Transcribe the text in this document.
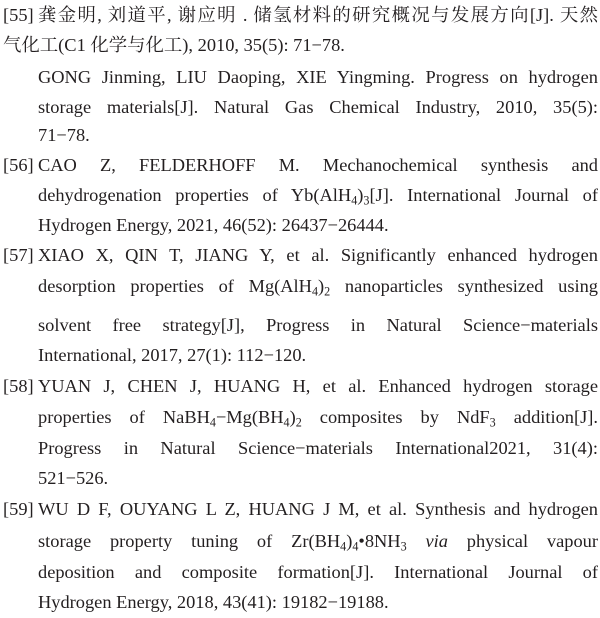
[55] 龚金明, 刘道平, 谢应明 . 储氢材料的研究概况与发展方向[J]. 天然
气化工(C1 化学与化工), 2010, 35(5): 71−78.
GONG Jinming, LIU Daoping, XIE Yingming. Progress on hydrogen
storage materials[J]. Natural Gas Chemical Industry, 2010, 35(5):
71−78.
[56] CAO Z, FELDERHOFF M. Mechanochemical synthesis and
dehydrogenation properties of $Yb(AlH_4)_3[J]$. International Journal of
Hydrogen Energy, 2021, 46(52): 26437−26444.
[57] XIAO X, QIN T, JIANG Y, et al. Significantly enhanced hydrogen
desorption properties of $Mg(AlH_4)_2$ nanoparticles synthesized using
solvent free strategy[J], Progress in Natural Science−materials
International, 2017, 27(1): 112−120.
[58] YUAN J, CHEN J, HUANG H, et al. Enhanced hydrogen storage
properties of $NaBH_4-Mg(BH_4)_2$ composites by NdF$_3$ addition[J].
Progress in Natural Science−materials International2021, 31(4):
521−526.
[59] WU D F, OUYANG L Z, HUANG J M, et al. Synthesis and hydrogen
storage property tuning of $Zr(BH_4)_4•8NH_3$ via physical vapour
deposition and composite formation[J]. International Journal of
Hydrogen Energy, 2018, 43(41): 19182−19188.
